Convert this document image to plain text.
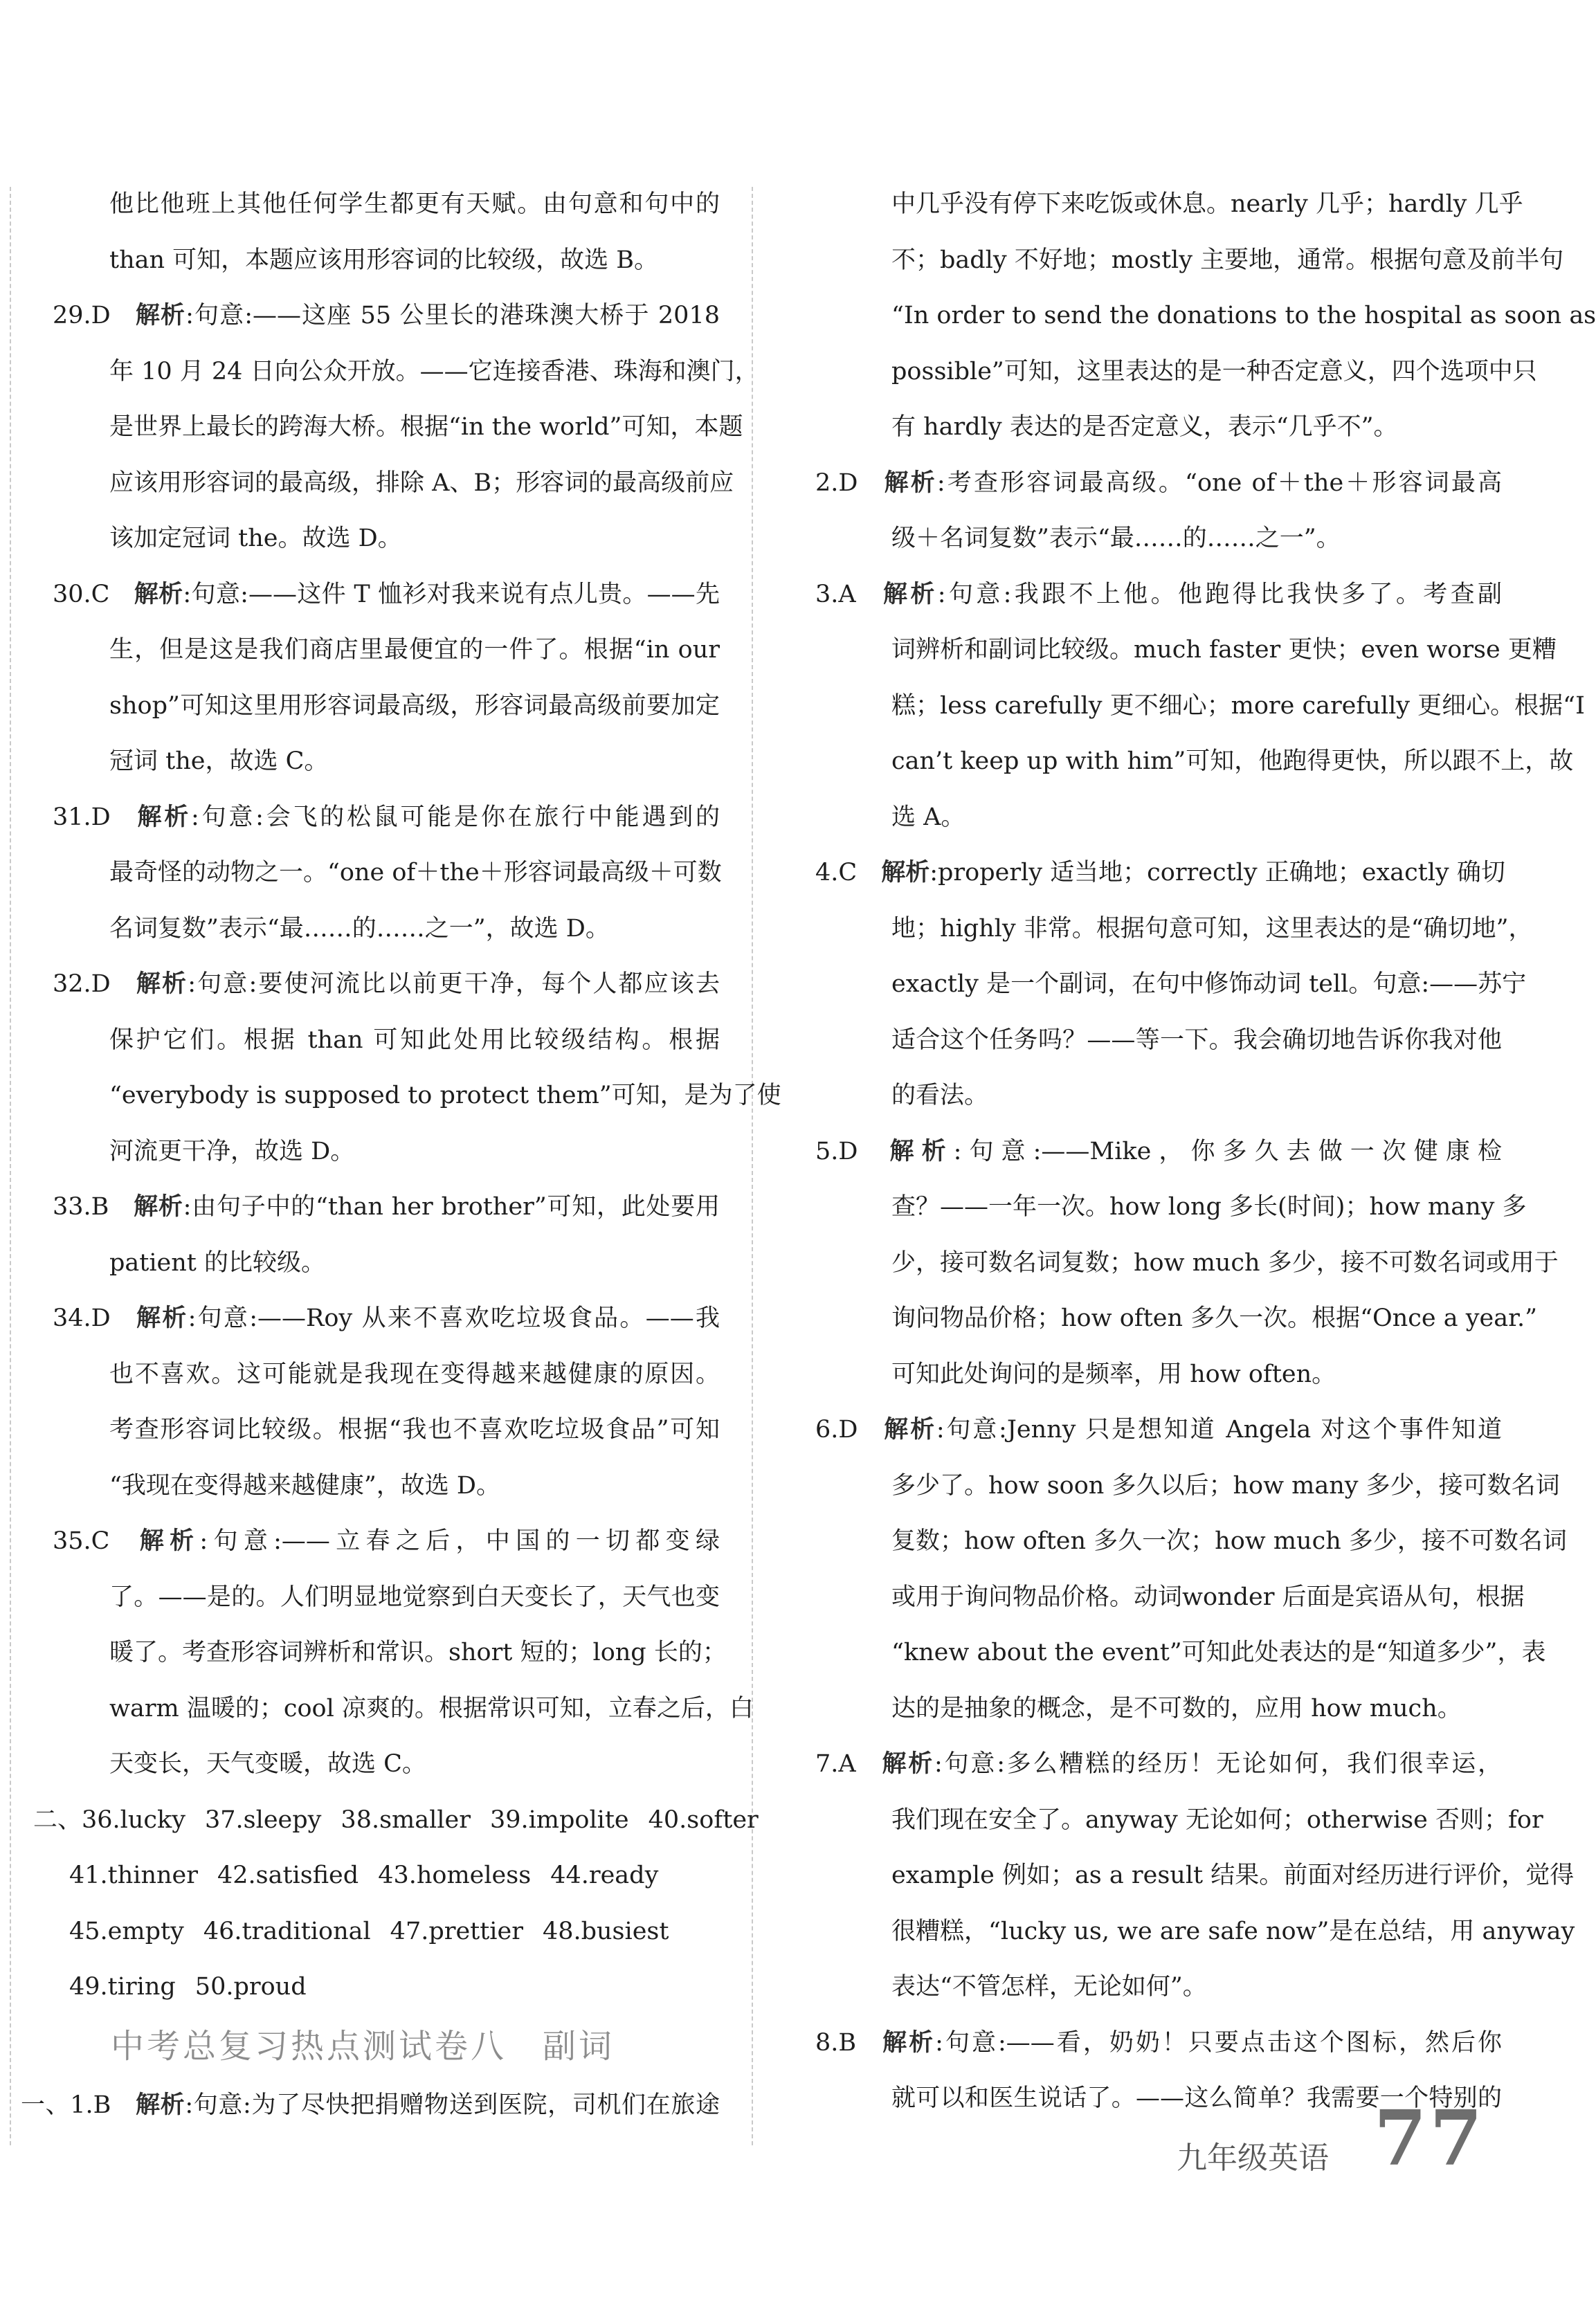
他比他班上其他任何学生都更有天赋。由句意和句中的
than 可知，本题应该用形容词的比较级，故选 B。
29.D  解析:句意:——这座 55 公里长的港珠澳大桥于 2018
年 10 月 24 日向公众开放。——它连接香港、珠海和澳门，
是世界上最长的跨海大桥。根据“in the world”可知，本题
应该用形容词的最高级，排除 A、B；形容词的最高级前应
该加定冠词 the。故选 D。
30.C  解析:句意:——这件 T 恤衫对我来说有点儿贵。——先
生，但是这是我们商店里最便宜的一件了。根据“in our
shop”可知这里用形容词最高级，形容词最高级前要加定
冠词 the，故选 C。
31.D  解析:句意:会飞的松鼠可能是你在旅行中能遇到的
最奇怪的动物之一。“one of＋the＋形容词最高级＋可数
名词复数”表示“最……的……之一”，故选 D。
32.D  解析:句意:要使河流比以前更干净，每个人都应该去
保护它们。根据 than 可知此处用比较级结构。根据
“everybody is supposed to protect them”可知，是为了使
河流更干净，故选 D。
33.B  解析:由句子中的“than her brother”可知，此处要用
patient 的比较级。
34.D  解析:句意:——Roy 从来不喜欢吃垃圾食品。——我
也不喜欢。这可能就是我现在变得越来越健康的原因。
考查形容词比较级。根据“我也不喜欢吃垃圾食品”可知
“我现在变得越来越健康”，故选 D。
35.C  解析:句意:——立春之后，中国的一切都变绿
了。——是的。人们明显地觉察到白天变长了，天气也变
暖了。考查形容词辨析和常识。short 短的；long 长的；
warm 温暖的；cool 凉爽的。根据常识可知，立春之后，白
天变长，天气变暖，故选 C。
二、36.lucky 37.sleepy 38.smaller 39.impolite 40.softer
41.thinner 42.satisfied 43.homeless 44.ready
45.empty 46.traditional 47.prettier 48.busiest
49.tiring 50.proud
中考总复习热点测试卷八　副词
一、1.B  解析:句意:为了尽快把捐赠物送到医院，司机们在旅途
中几乎没有停下来吃饭或休息。nearly 几乎；hardly 几乎
不；badly 不好地；mostly 主要地，通常。根据句意及前半句
“In order to send the donations to the hospital as soon as
possible”可知，这里表达的是一种否定意义，四个选项中只
有 hardly 表达的是否定意义，表示“几乎不”。
2.D  解析:考查形容词最高级。“one of＋the＋形容词最高
级＋名词复数”表示“最……的……之一”。
3.A  解析:句意:我跟不上他。他跑得比我快多了。考查副
词辨析和副词比较级。much faster 更快；even worse 更糟
糕；less carefully 更不细心；more carefully 更细心。根据“I
can’t keep up with him”可知，他跑得更快，所以跟不上，故
选 A。
4.C  解析:properly 适当地；correctly 正确地；exactly 确切
地；highly 非常。根据句意可知，这里表达的是“确切地”，
exactly 是一个副词，在句中修饰动词 tell。句意:——苏宁
适合这个任务吗？——等一下。我会确切地告诉你我对他
的看法。
5.D  解析:句意:——Mike，你多久去做一次健康检
查？——一年一次。how long 多长(时间)；how many 多
少，接可数名词复数；how much 多少，接不可数名词或用于
询问物品价格；how often 多久一次。根据“Once a year.”
可知此处询问的是频率，用 how often。
6.D  解析:句意:Jenny 只是想知道 Angela 对这个事件知道
多少了。how soon 多久以后；how many 多少，接可数名词
复数；how often 多久一次；how much 多少，接不可数名词
或用于询问物品价格。动词wonder 后面是宾语从句，根据
“knew about the event”可知此处表达的是“知道多少”，表
达的是抽象的概念，是不可数的，应用 how much。
7.A  解析:句意:多么糟糕的经历！无论如何，我们很幸运，
我们现在安全了。anyway 无论如何；otherwise 否则；for
example 例如；as a result 结果。前面对经历进行评价，觉得
很糟糕，“lucky us, we are safe now”是在总结，用 anyway
表达“不管怎样，无论如何”。
8.B  解析:句意:——看，奶奶！只要点击这个图标，然后你
就可以和医生说话了。——这么简单？我需要一个特别的
九年级英语 77
